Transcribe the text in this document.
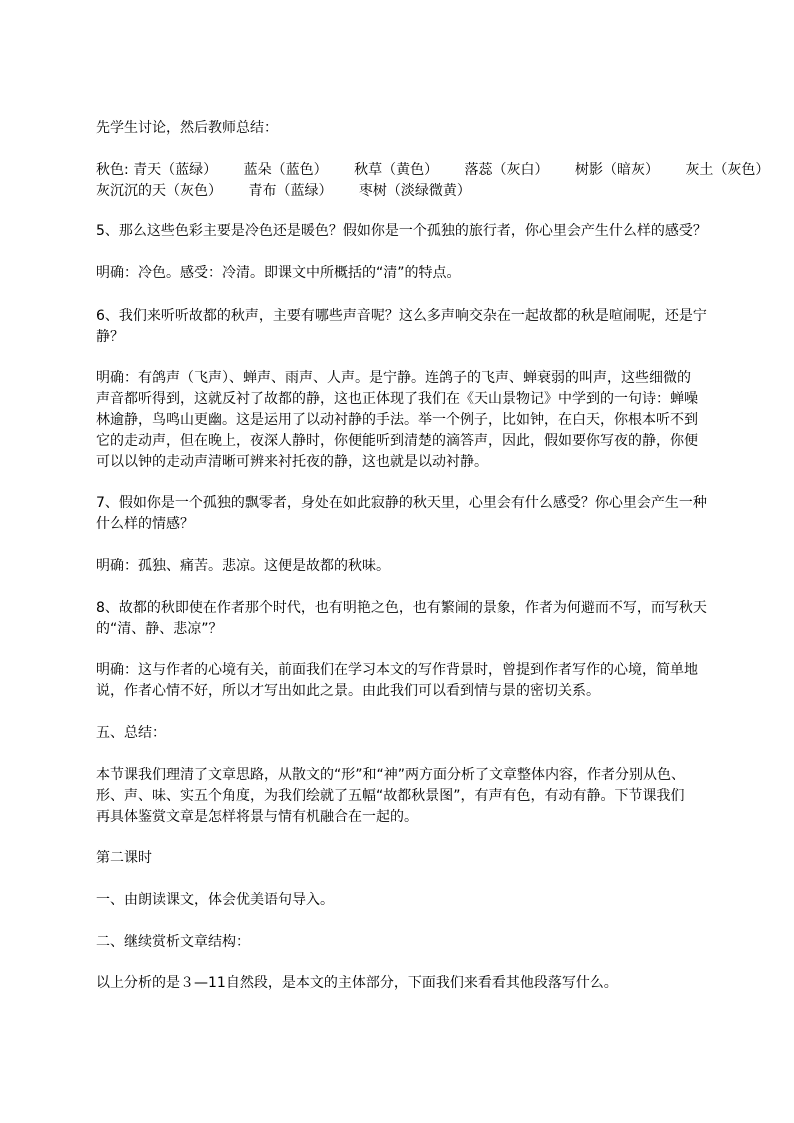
先学生讨论，然后教师总结：
秋色: 青天（蓝绿） 蓝朵（蓝色） 秋草（黄色） 落蕊（灰白） 树影（暗灰） 灰土（灰色）
灰沉沉的天（灰色） 青布（蓝绿） 枣树（淡绿微黄）
5、那么这些色彩主要是冷色还是暖色？假如你是一个孤独的旅行者，你心里会产生什么样的感受？
明确：冷色。感受：冷清。即课文中所概括的“清”的特点。
6、我们来听听故都的秋声，主要有哪些声音呢？这么多声响交杂在一起故都的秋是喧闹呢，还是宁
静？
明确：有鸽声（飞声）、蝉声、雨声、人声。是宁静。连鸽子的飞声、蝉衰弱的叫声，这些细微的
声音都听得到，这就反衬了故都的静，这也正体现了我们在《天山景物记》中学到的一句诗：蝉噪
林逾静，鸟鸣山更幽。这是运用了以动衬静的手法。举一个例子，比如钟，在白天，你根本听不到
它的走动声，但在晚上，夜深人静时，你便能听到清楚的滴答声，因此，假如要你写夜的静，你便
可以以钟的走动声清晰可辨来衬托夜的静，这也就是以动衬静。
7、假如你是一个孤独的飘零者，身处在如此寂静的秋天里，心里会有什么感受？你心里会产生一种
什么样的情感？
明确：孤独、痛苦。悲凉。这便是故都的秋味。
8、故都的秋即使在作者那个时代，也有明艳之色，也有繁闹的景象，作者为何避而不写，而写秋天
的“清、静、悲凉”？
明确：这与作者的心境有关，前面我们在学习本文的写作背景时，曾提到作者写作的心境，简单地
说，作者心情不好，所以才写出如此之景。由此我们可以看到情与景的密切关系。
五、总结：
本节课我们理清了文章思路，从散文的“形”和“神”两方面分析了文章整体内容，作者分别从色、
形、声、味、实五个角度，为我们绘就了五幅“故都秋景图”，有声有色，有动有静。下节课我们
再具体鉴赏文章是怎样将景与情有机融合在一起的。
第二课时
一、由朗读课文，体会优美语句导入。
二、继续赏析文章结构：
以上分析的是３—11自然段，是本文的主体部分，下面我们来看看其他段落写什么。
